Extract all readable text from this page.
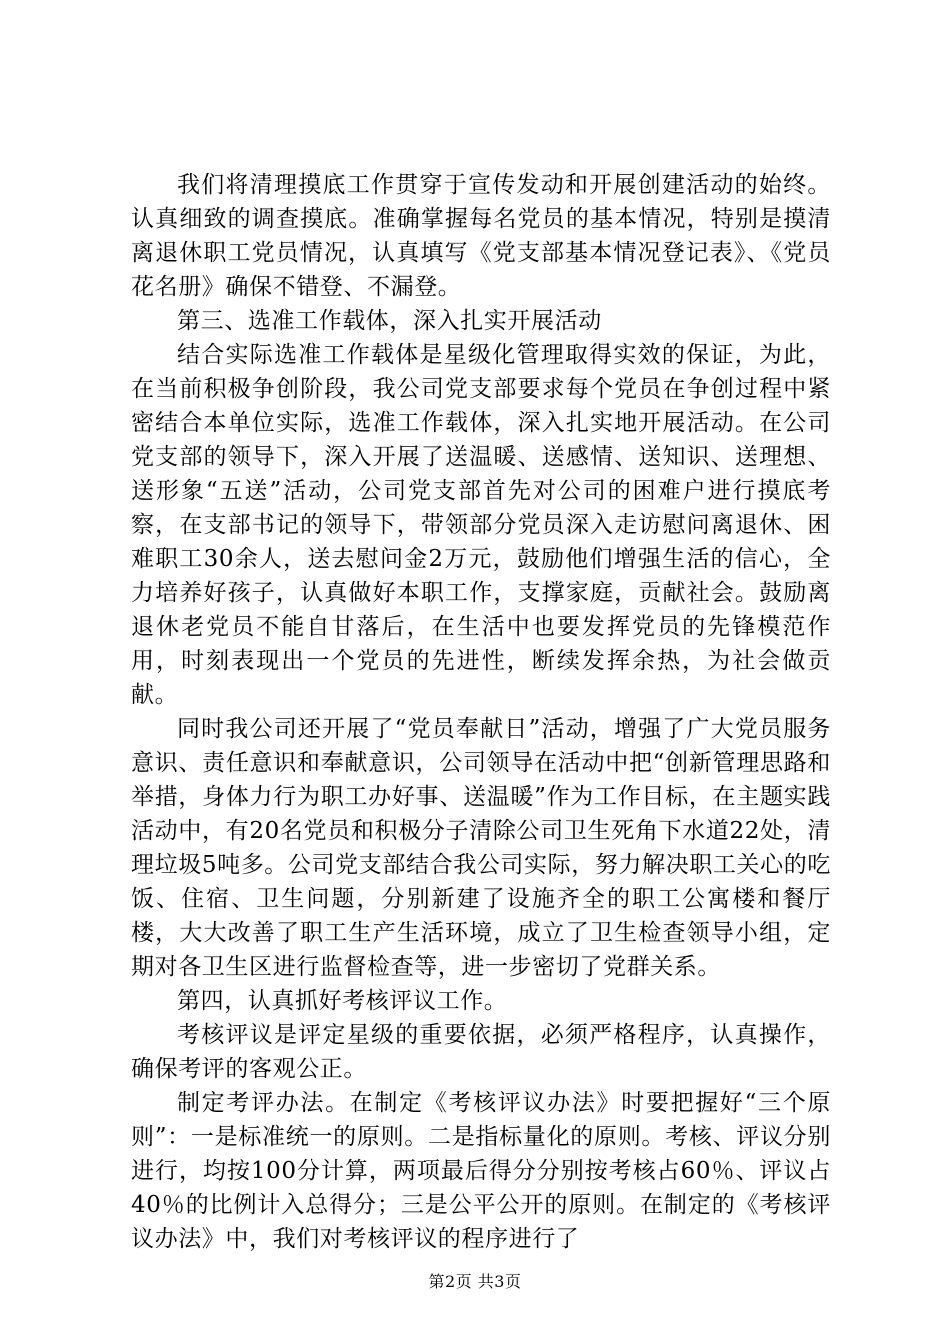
我们将清理摸底工作贯穿于宣传发动和开展创建活动的始终。认真细致的调查摸底。准确掌握每名党员的基本情况，特别是摸清离退休职工党员情况，认真填写《党支部基本情况登记表》、《党员花名册》确保不错登、不漏登。

第三、选准工作载体，深入扎实开展活动

结合实际选准工作载体是星级化管理取得实效的保证，为此，在当前积极争创阶段，我公司党支部要求每个党员在争创过程中紧密结合本单位实际，选准工作载体，深入扎实地开展活动。在公司党支部的领导下，深入开展了送温暖、送感情、送知识、送理想、送形象“五送”活动，公司党支部首先对公司的困难户进行摸底考察，在支部书记的领导下，带领部分党员深入走访慰问离退休、困难职工30余人，送去慰问金2万元，鼓励他们增强生活的信心，全力培养好孩子，认真做好本职工作，支撑家庭，贡献社会。鼓励离退休老党员不能自甘落后，在生活中也要发挥党员的先锋模范作用，时刻表现出一个党员的先进性，断续发挥余热，为社会做贡献。

同时我公司还开展了“党员奉献日”活动，增强了广大党员服务意识、责任意识和奉献意识，公司领导在活动中把“创新管理思路和举措，身体力行为职工办好事、送温暖”作为工作目标，在主题实践活动中，有20名党员和积极分子清除公司卫生死角下水道22处，清理垃圾5吨多。公司党支部结合我公司实际，努力解决职工关心的吃饭、住宿、卫生问题，分别新建了设施齐全的职工公寓楼和餐厅楼，大大改善了职工生产生活环境，成立了卫生检查领导小组，定期对各卫生区进行监督检查等，进一步密切了党群关系。

第四，认真抓好考核评议工作。

考核评议是评定星级的重要依据，必须严格程序，认真操作，确保考评的客观公正。

制定考评办法。在制定《考核评议办法》时要把握好“三个原则”：一是标准统一的原则。二是指标量化的原则。考核、评议分别进行，均按100分计算，两项最后得分分别按考核占60％、评议占40％的比例计入总得分；三是公平公开的原则。在制定的《考核评议办法》中，我们对考核评议的程序进行了

第2页 共3页
